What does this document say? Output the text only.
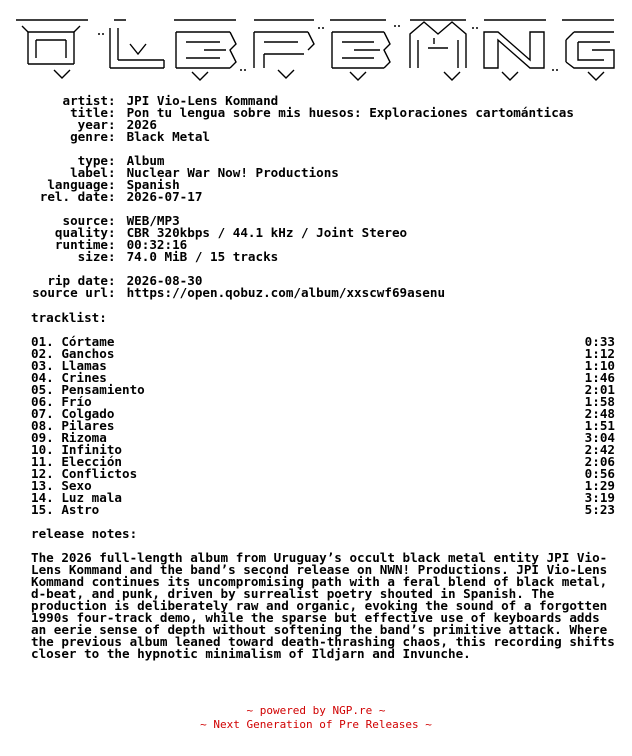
artist : JPI Vio-Lens Kommand
title : Pon tu lengua sobre mis huesos: Exploraciones cartománticas
year : 2026
genre : Black Metal
type : Album
label : Nuclear War Now! Productions
language : Spanish
rel. date : 2026-07-17
source : WEB/MP3
quality : CBR 320kbps / 44.1 kHz / Joint Stereo
runtime : 00:32:16
size : 74.0 MiB / 15 tracks
rip date : 2026-08-30
source url : https://open.qobuz.com/album/xxscwf69asenu
tracklist:
01. Córtame	0:33
02. Ganchos	1:12
03. Llamas	1:10
04. Crines	1:46
05. Pensamiento	2:01
06. Frío	1:58
07. Colgado	2:48
08. Pilares	1:51
09. Rizoma	3:04
10. Infinito	2:42
11. Elección	2:06
12. Conflictos	0:56
13. Sexo	1:29
14. Luz mala	3:19
15. Astro	5:23
release notes:
The 2026 full-length album from Uruguay’s occult black metal entity JPI Vio-Lens Kommand and the band’s second release on NWN! Productions. JPI Vio-Lens Kommand continues its uncompromising path with a feral blend of black metal, d-beat, and punk, driven by surrealist poetry shouted in Spanish. The production is deliberately raw and organic, evoking the sound of a forgotten 1990s four-track demo, while the sparse but effective use of keyboards adds an eerie sense of depth without softening the band’s primitive attack. Where the previous album leaned toward death-thrashing chaos, this recording shifts closer to the hypnotic minimalism of Ildjarn and Invunche.
~ powered by NGP.re ~
~ Next Generation of Pre Releases ~
